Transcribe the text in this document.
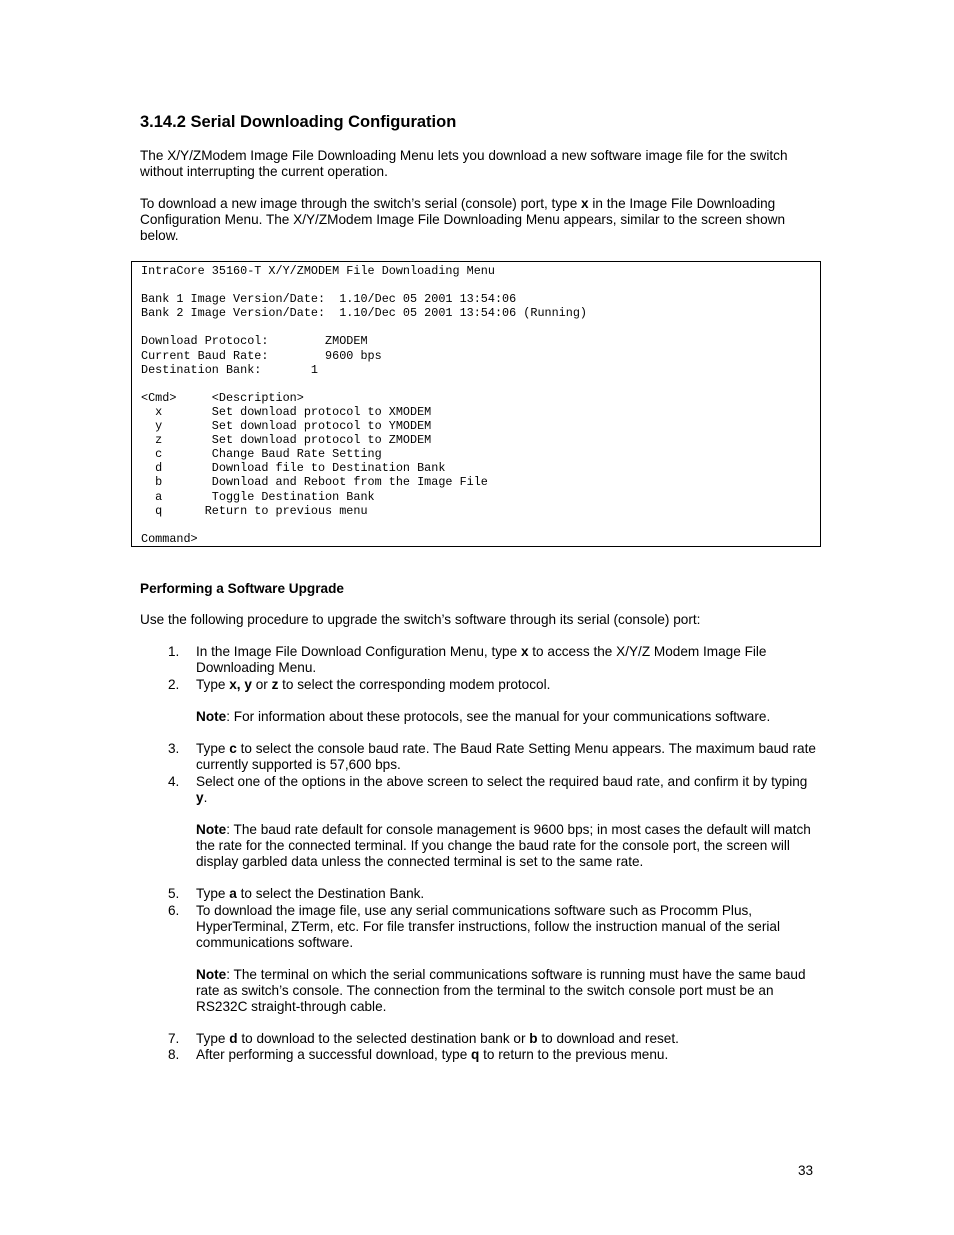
3.14.2 Serial Downloading Configuration

The X/Y/ZModem Image File Downloading Menu lets you download a new software image file for the switch without interrupting the current operation.

To download a new image through the switch’s serial (console) port, type x in the Image File Downloading Configuration Menu. The X/Y/ZModem Image File Downloading Menu appears, similar to the screen shown below.

IntraCore 35160-T X/Y/ZMODEM File Downloading Menu

Bank 1 Image Version/Date:  1.10/Dec 05 2001 13:54:06
Bank 2 Image Version/Date:  1.10/Dec 05 2001 13:54:06 (Running)

Download Protocol:        ZMODEM
Current Baud Rate:        9600 bps
Destination Bank:       1

<Cmd>     <Description>
x       Set download protocol to XMODEM
y       Set download protocol to YMODEM
z       Set download protocol to ZMODEM
c       Change Baud Rate Setting
d       Download file to Destination Bank
b       Download and Reboot from the Image File
a       Toggle Destination Bank
q      Return to previous menu

Command>
Performing a Software Upgrade

Use the following procedure to upgrade the switch’s software through its serial (console) port:

1.	In the Image File Download Configuration Menu, type x to access the X/Y/Z Modem Image File Downloading Menu.
2.	Type x, y or z to select the corresponding modem protocol.
Note: For information about these protocols, see the manual for your communications software.
3.	Type c to select the console baud rate. The Baud Rate Setting Menu appears. The maximum baud rate currently supported is 57,600 bps.
4.	Select one of the options in the above screen to select the required baud rate, and confirm it by typing y.
Note: The baud rate default for console management is 9600 bps; in most cases the default will match the rate for the connected terminal. If you change the baud rate for the console port, the screen will display garbled data unless the connected terminal is set to the same rate.
5.	Type a to select the Destination Bank.
6.	To download the image file, use any serial communications software such as Procomm Plus, HyperTerminal, ZTerm, etc. For file transfer instructions, follow the instruction manual of the serial communications software.
Note: The terminal on which the serial communications software is running must have the same baud rate as switch’s console. The connection from the terminal to the switch console port must be an RS232C straight-through cable.
7.	Type d to download to the selected destination bank or b to download and reset.
8.	After performing a successful download, type q to return to the previous menu.
33
